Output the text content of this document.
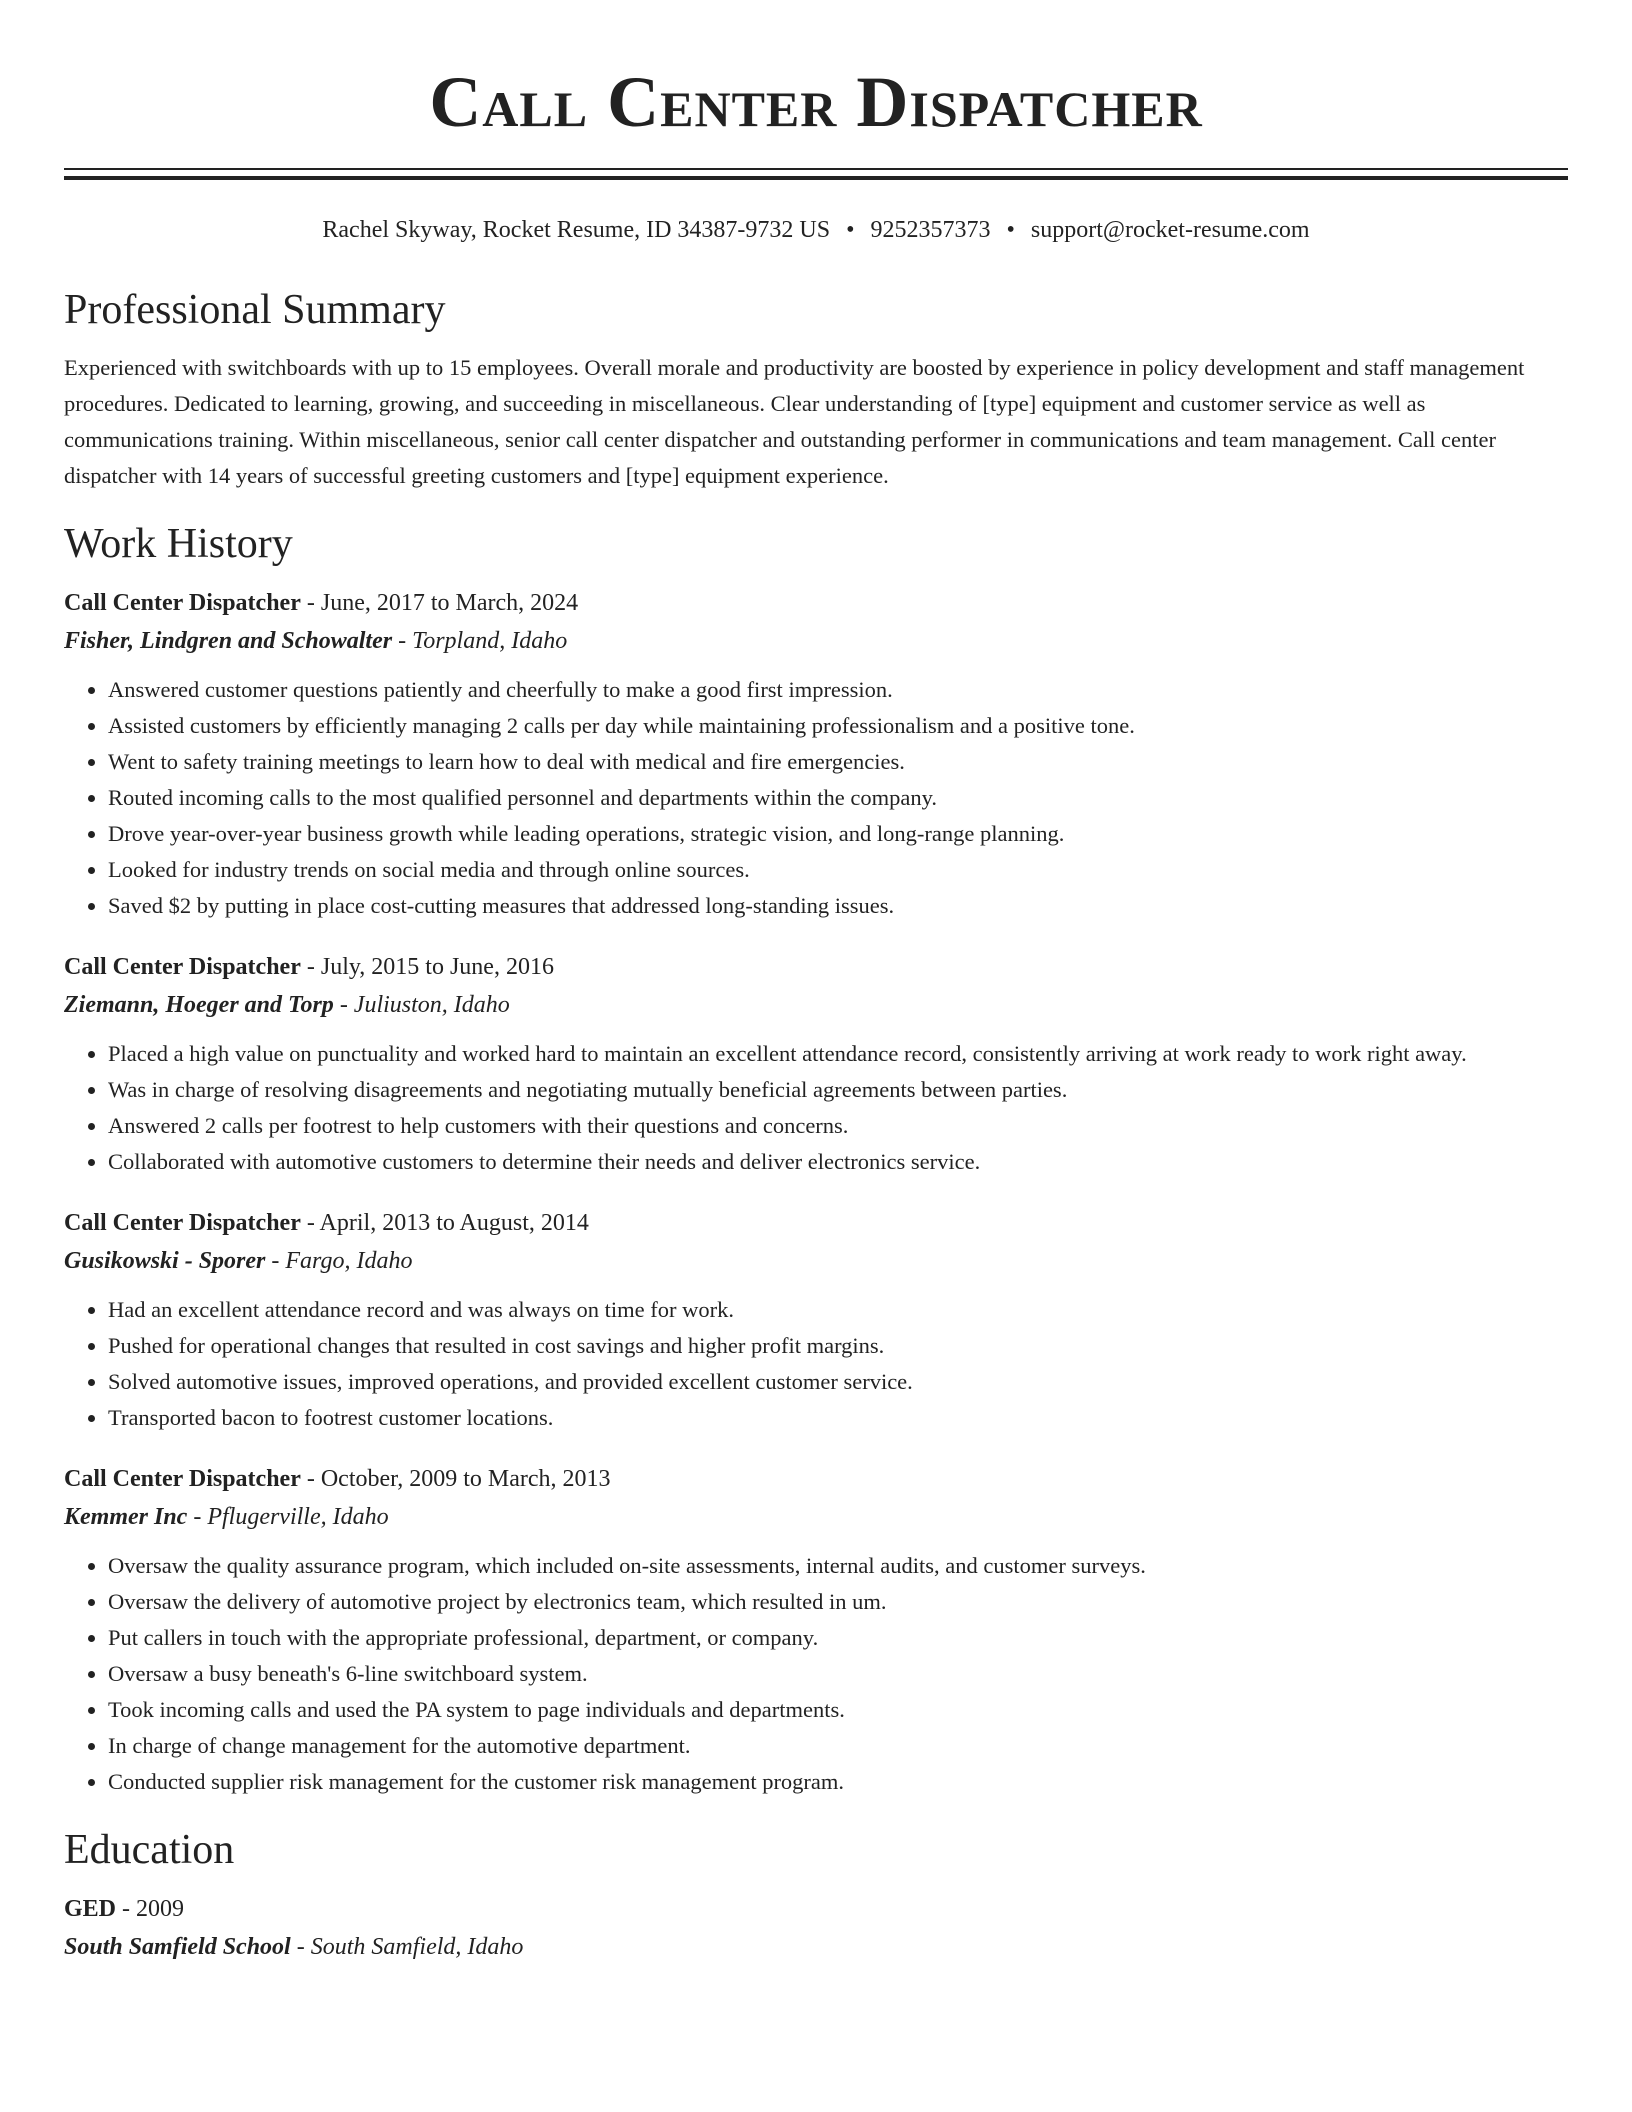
Call Center Dispatcher
Rachel Skyway, Rocket Resume, ID 34387-9732 US • 9252357373 • support@rocket-resume.com
Professional Summary
Experienced with switchboards with up to 15 employees. Overall morale and productivity are boosted by experience in policy development and staff management procedures. Dedicated to learning, growing, and succeeding in miscellaneous. Clear understanding of [type] equipment and customer service as well as communications training. Within miscellaneous, senior call center dispatcher and outstanding performer in communications and team management. Call center dispatcher with 14 years of successful greeting customers and [type] equipment experience.
Work History
Call Center Dispatcher - June, 2017 to March, 2024
Fisher, Lindgren and Schowalter - Torpland, Idaho
• Answered customer questions patiently and cheerfully to make a good first impression.
• Assisted customers by efficiently managing 2 calls per day while maintaining professionalism and a positive tone.
• Went to safety training meetings to learn how to deal with medical and fire emergencies.
• Routed incoming calls to the most qualified personnel and departments within the company.
• Drove year-over-year business growth while leading operations, strategic vision, and long-range planning.
• Looked for industry trends on social media and through online sources.
• Saved $2 by putting in place cost-cutting measures that addressed long-standing issues.
Call Center Dispatcher - July, 2015 to June, 2016
Ziemann, Hoeger and Torp - Juliuston, Idaho
• Placed a high value on punctuality and worked hard to maintain an excellent attendance record, consistently arriving at work ready to work right away.
• Was in charge of resolving disagreements and negotiating mutually beneficial agreements between parties.
• Answered 2 calls per footrest to help customers with their questions and concerns.
• Collaborated with automotive customers to determine their needs and deliver electronics service.
Call Center Dispatcher - April, 2013 to August, 2014
Gusikowski - Sporer - Fargo, Idaho
• Had an excellent attendance record and was always on time for work.
• Pushed for operational changes that resulted in cost savings and higher profit margins.
• Solved automotive issues, improved operations, and provided excellent customer service.
• Transported bacon to footrest customer locations.
Call Center Dispatcher - October, 2009 to March, 2013
Kemmer Inc - Pflugerville, Idaho
• Oversaw the quality assurance program, which included on-site assessments, internal audits, and customer surveys.
• Oversaw the delivery of automotive project by electronics team, which resulted in um.
• Put callers in touch with the appropriate professional, department, or company.
• Oversaw a busy beneath's 6-line switchboard system.
• Took incoming calls and used the PA system to page individuals and departments.
• In charge of change management for the automotive department.
• Conducted supplier risk management for the customer risk management program.
Education
GED - 2009
South Samfield School - South Samfield, Idaho
